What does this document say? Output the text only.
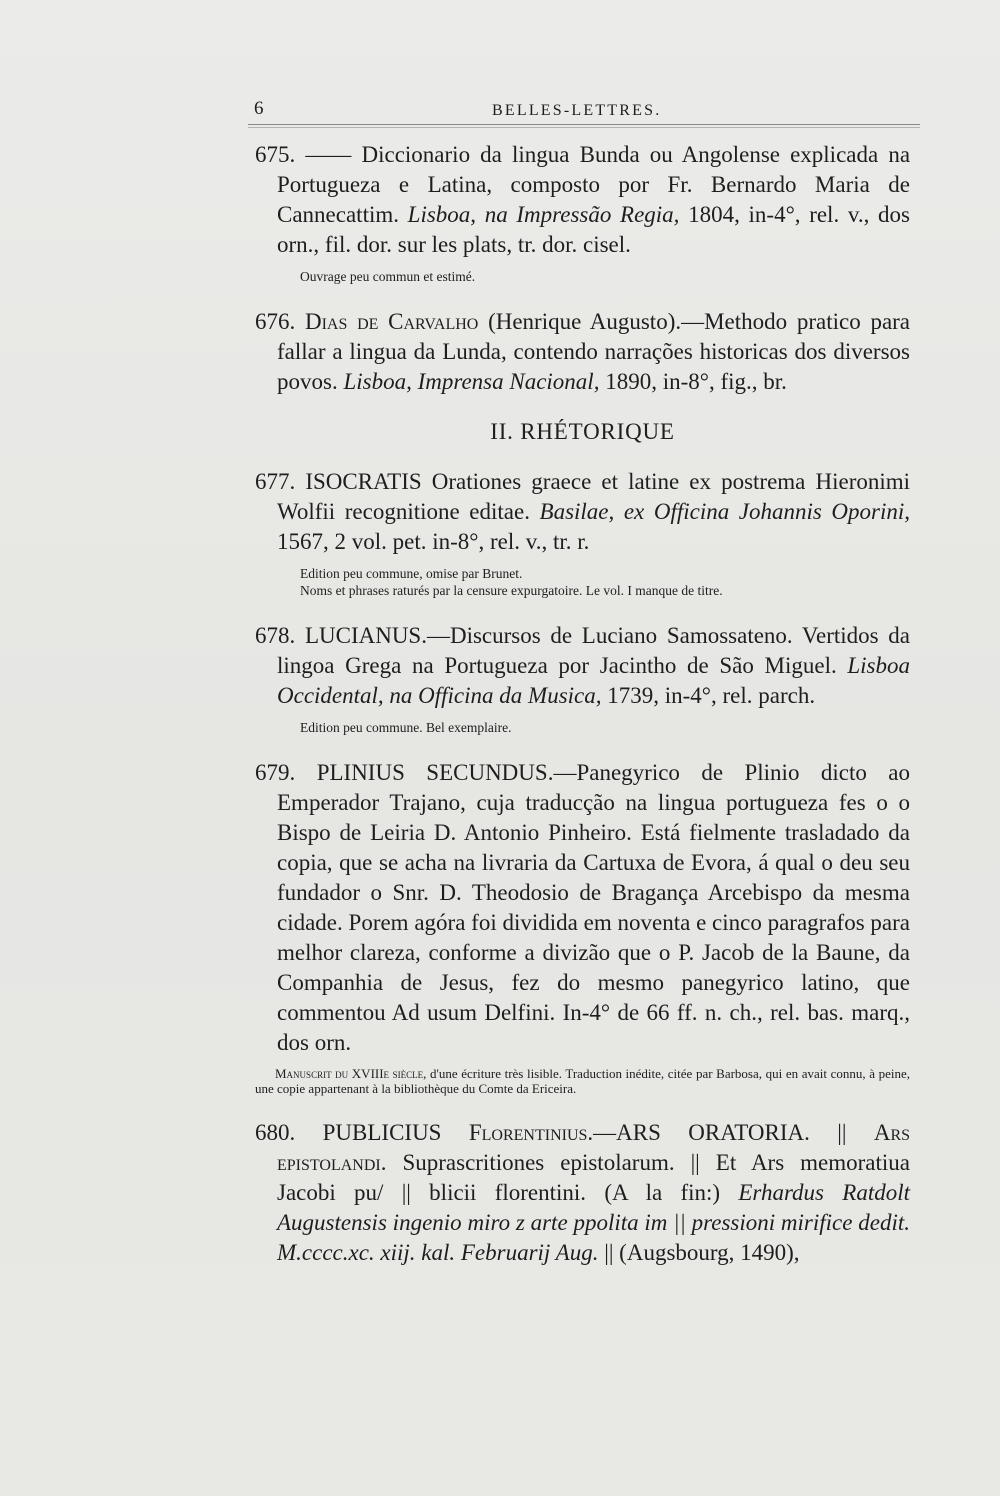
6	BELLES-LETTRES.

675 . —— Diccionario da lingua Bunda ou Angolense explicada na Portugueza e Latina, composto por Fr. Bernardo Maria de Cannecattim. Lisboa, na Impressão Regia, 1804, in-4°, rel. v., dos orn., fil. dor. sur les plats, tr. dor. cisel.

Ouvrage peu commun et estimé.

676 . Dias de Carvalho (Henrique Augusto).—Methodo pratico para fallar a lingua da Lunda, contendo narrações historicas dos diversos povos. Lisboa, Imprensa Nacional, 1890, in-8°, fig., br.

II. RHÉTORIQUE

677 . ISOCRATIS Orationes graece et latine ex postrema Hieronimi Wolfii recognitione editae. Basilae, ex Officina Johannis Oporini, 1567, 2 vol. pet. in-8°, rel. v., tr. r.

Edition peu commune, omise par Brunet.

Noms et phrases raturés par la censure expurgatoire. Le vol. I manque de titre.

678 . LUCIANUS.—Discursos de Luciano Samossateno. Vertidos da lingoa Grega na Portugueza por Jacintho de São Miguel. Lisboa Occidental, na Officina da Musica, 1739, in-4°, rel. parch.

Edition peu commune. Bel exemplaire.

679 . PLINIUS SECUNDUS.—Panegyrico de Plinio dicto ao Emperador Trajano, cuja traducção na lingua portugueza fes o o Bispo de Leiria D. Antonio Pinheiro. Está fielmente trasladado da copia, que se acha na livraria da Cartuxa de Evora, á qual o deu seu fundador o Snr. D. Theodosio de Bragança Arcebispo da mesma cidade. Porem agóra foi dividida em noventa e cinco paragrafos para melhor clareza, conforme a divizão que o P. Jacob de la Baune, da Companhia de Jesus, fez do mesmo panegyrico latino, que commentou Ad usum Delfini. In-4° de 66 ff. n. ch., rel. bas. marq., dos orn.

Manuscrit du XVIIIe siècle, d'une écriture très lisible. Traduction inédite, citée par Barbosa, qui en avait connu, à peine, une copie appartenant à la bibliothèque du Comte da Ericeira.

680 . PUBLICIUS Florentinius.—ARS ORATORIA. || Ars epistolandi. Suprascritiones epistolarum. || Et Ars memoratiua Jacobi pu/ || blicii florentini. (A la fin:) Erhardus Ratdolt Augustensis ingenio miro z arte ppolita im || pressioni mirifice dedit. M.cccc.xc. xiij. kal. Februarij Aug. || (Augsbourg, 1490),
